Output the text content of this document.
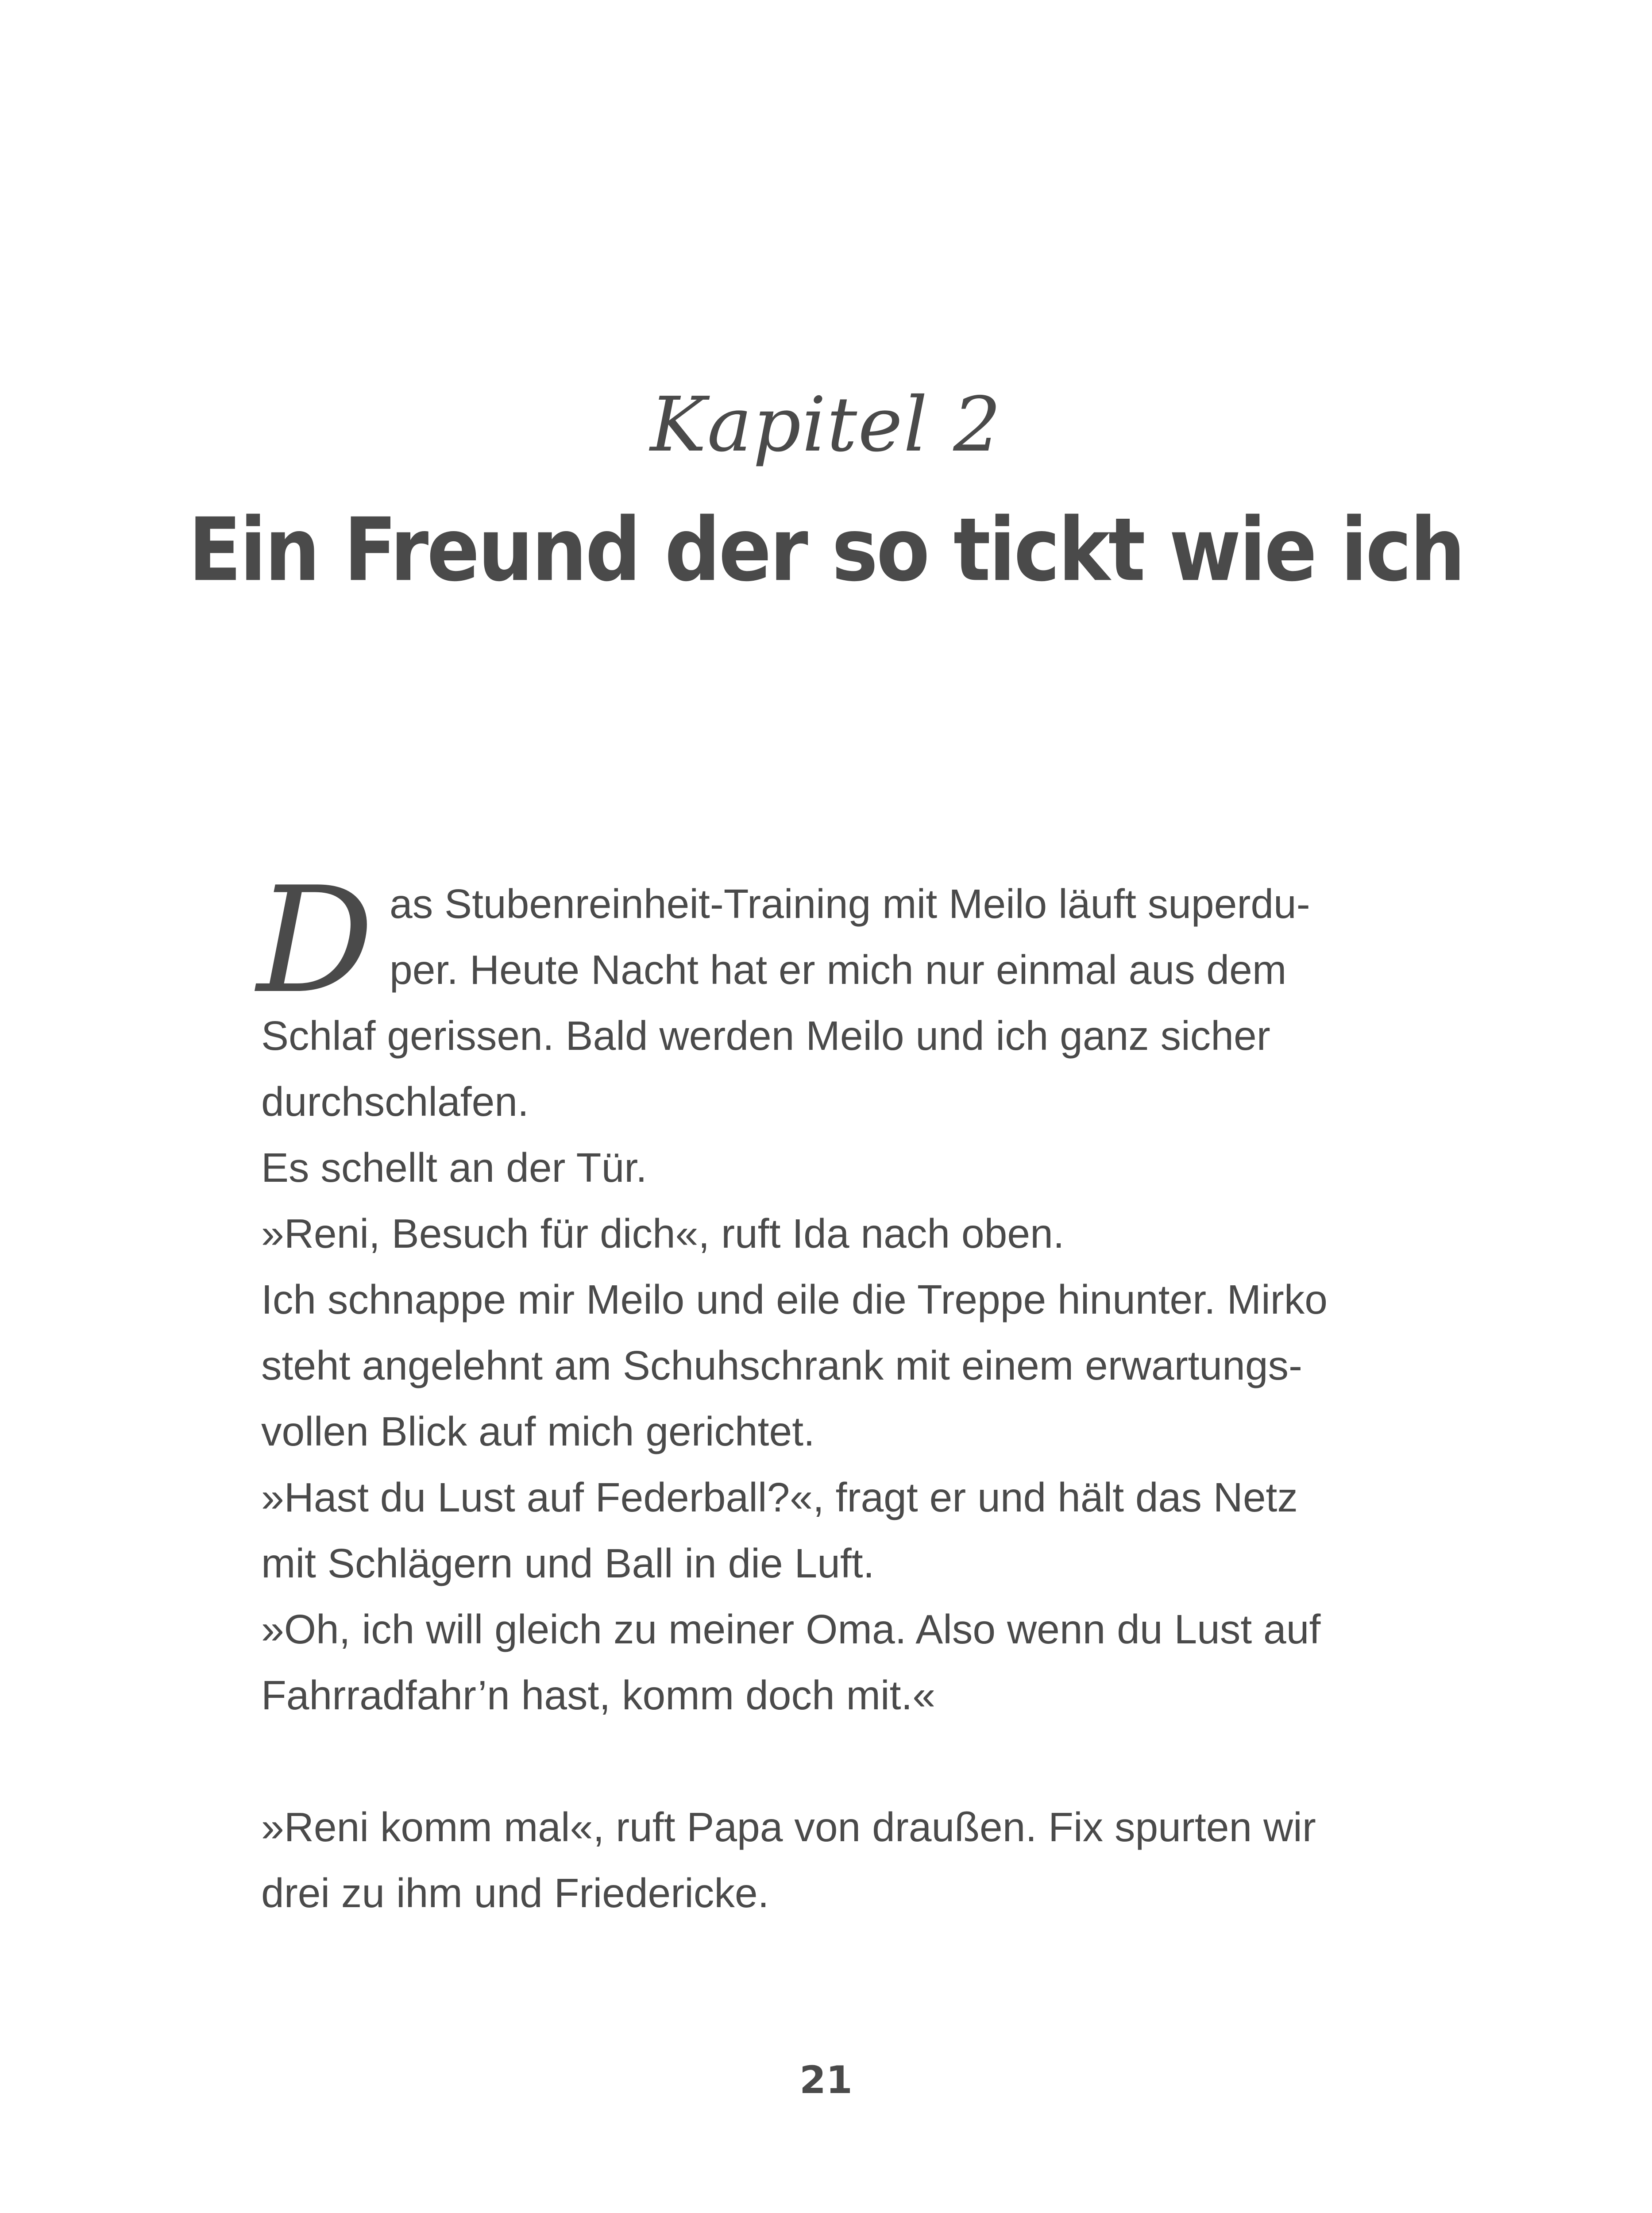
Kapitel 2
Ein Freund der so tickt wie ich
D as Stubenreinheit-Training mit Meilo läuft superdu-
per. Heute Nacht hat er mich nur einmal aus dem
Schlaf gerissen. Bald werden Meilo und ich ganz sicher
durchschlafen.
Es schellt an der Tür.
»Reni, Besuch für dich«, ruft Ida nach oben.
Ich schnappe mir Meilo und eile die Treppe hinunter. Mirko
steht angelehnt am Schuhschrank mit einem erwartungs-
vollen Blick auf mich gerichtet.
»Hast du Lust auf Federball?«, fragt er und hält das Netz
mit Schlägern und Ball in die Luft.
»Oh, ich will gleich zu meiner Oma. Also wenn du Lust auf
Fahrradfahr’n hast, komm doch mit.«
»Reni komm mal«, ruft Papa von draußen. Fix spurten wir
drei zu ihm und Friedericke.
21
